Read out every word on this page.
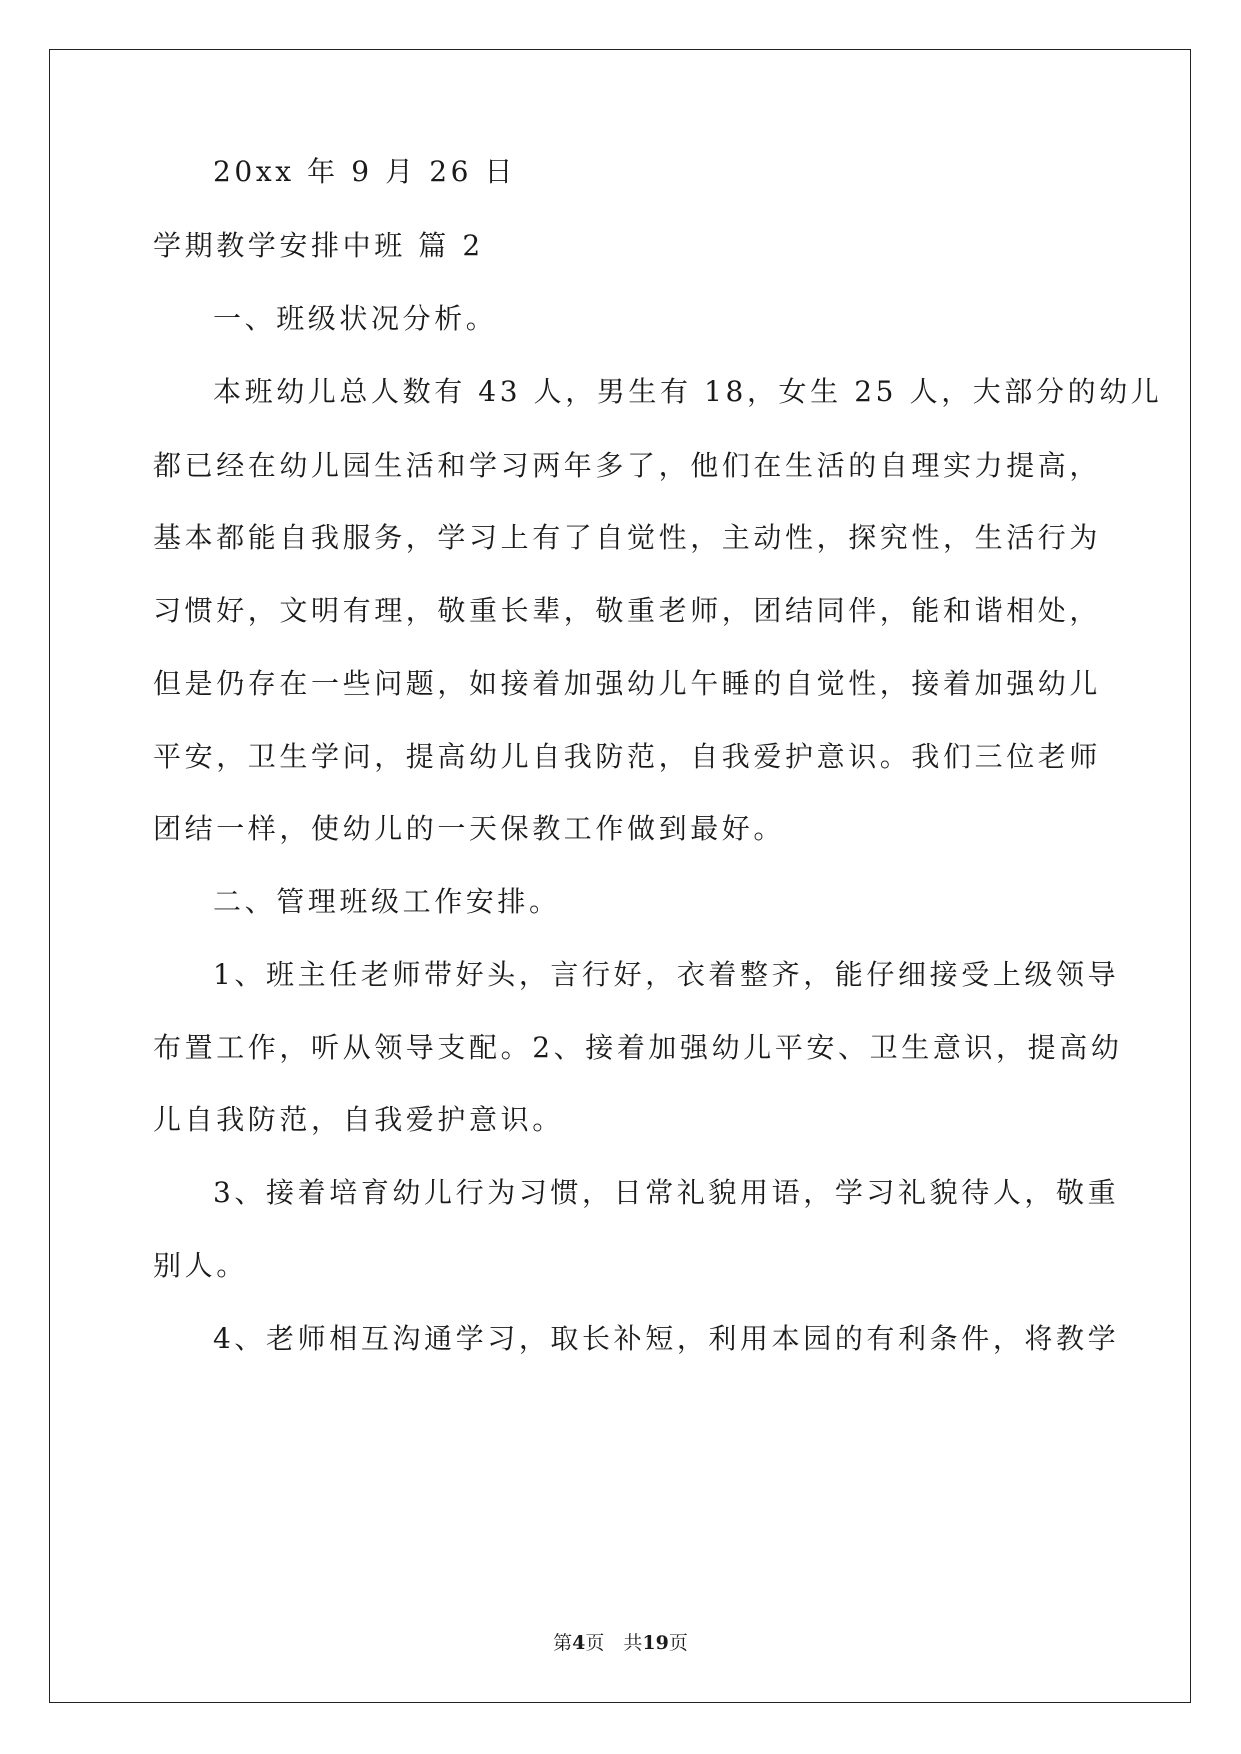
20xx 年 9 月 26 日
学期教学安排中班 篇 2
一、班级状况分析。
本班幼儿总人数有 43 人，男生有 18，女生 25 人，大部分的幼儿
都已经在幼儿园生活和学习两年多了，他们在生活的自理实力提高，
基本都能自我服务，学习上有了自觉性，主动性，探究性，生活行为
习惯好，文明有理，敬重长辈，敬重老师，团结同伴，能和谐相处，
但是仍存在一些问题，如接着加强幼儿午睡的自觉性，接着加强幼儿
平安，卫生学问，提高幼儿自我防范，自我爱护意识。我们三位老师
团结一样，使幼儿的一天保教工作做到最好。
二、管理班级工作安排。
1、班主任老师带好头，言行好，衣着整齐，能仔细接受上级领导
布置工作，听从领导支配。2、接着加强幼儿平安、卫生意识，提高幼
儿自我防范，自我爱护意识。
3、接着培育幼儿行为习惯，日常礼貌用语，学习礼貌待人，敬重
别人。
4、老师相互沟通学习，取长补短，利用本园的有利条件，将教学
第4页　共19页
